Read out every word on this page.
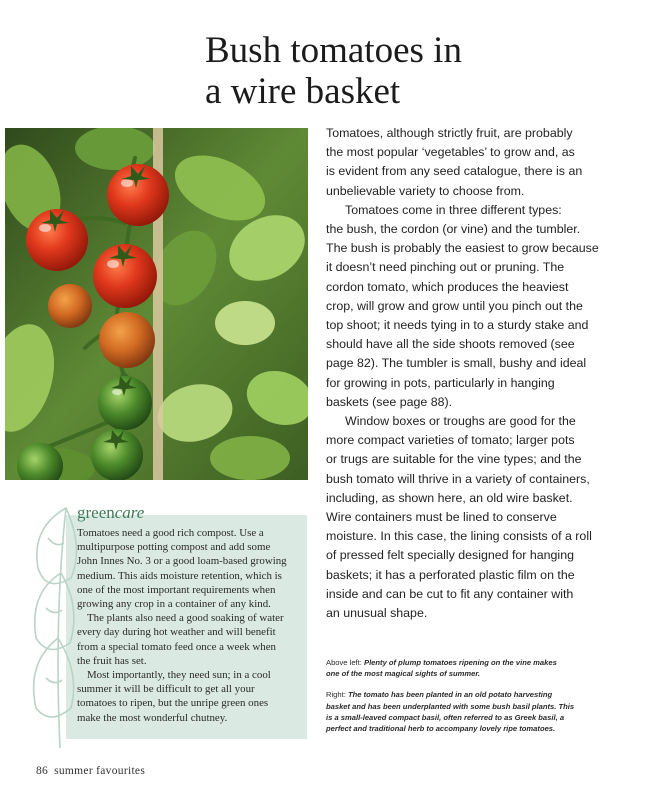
Bush tomatoes in
a wire basket

Tomatoes, although strictly fruit, are probably
the most popular ‘vegetables’ to grow and, as
is evident from any seed catalogue, there is an
unbelievable variety to choose from.

Tomatoes come in three different types:
the bush, the cordon (or vine) and the tumbler.
The bush is probably the easiest to grow because
it doesn’t need pinching out or pruning. The
cordon tomato, which produces the heaviest
crop, will grow and grow until you pinch out the
top shoot; it needs tying in to a sturdy stake and
should have all the side shoots removed (see
page 82). The tumbler is small, bushy and ideal
for growing in pots, particularly in hanging
baskets (see page 88).

Window boxes or troughs are good for the
more compact varieties of tomato; larger pots
or trugs are suitable for the vine types; and the
bush tomato will thrive in a variety of containers,
including, as shown here, an old wire basket.
Wire containers must be lined to conserve
moisture. In this case, the lining consists of a roll
of pressed felt specially designed for hanging
baskets; it has a perforated plastic film on the
inside and can be cut to fit any container with
an unusual shape.

greencare

Tomatoes need a good rich compost. Use a
multipurpose potting compost and add some
John Innes No. 3 or a good loam-based growing
medium. This aids moisture retention, which is
one of the most important requirements when
growing any crop in a container of any kind.

The plants also need a good soaking of water
every day during hot weather and will benefit
from a special tomato feed once a week when
the fruit has set.

Most importantly, they need sun; in a cool
summer it will be difficult to get all your
tomatoes to ripen, but the unripe green ones
make the most wonderful chutney.

Above left: Plenty of plump tomatoes ripening on the vine makes
one of the most magical sights of summer.
Right: The tomato has been planted in an old potato harvesting
basket and has been underplanted with some bush basil plants. This
is a small-leaved compact basil, often referred to as Greek basil, a
perfect and traditional herb to accompany lovely ripe tomatoes.
86 summer favourites
